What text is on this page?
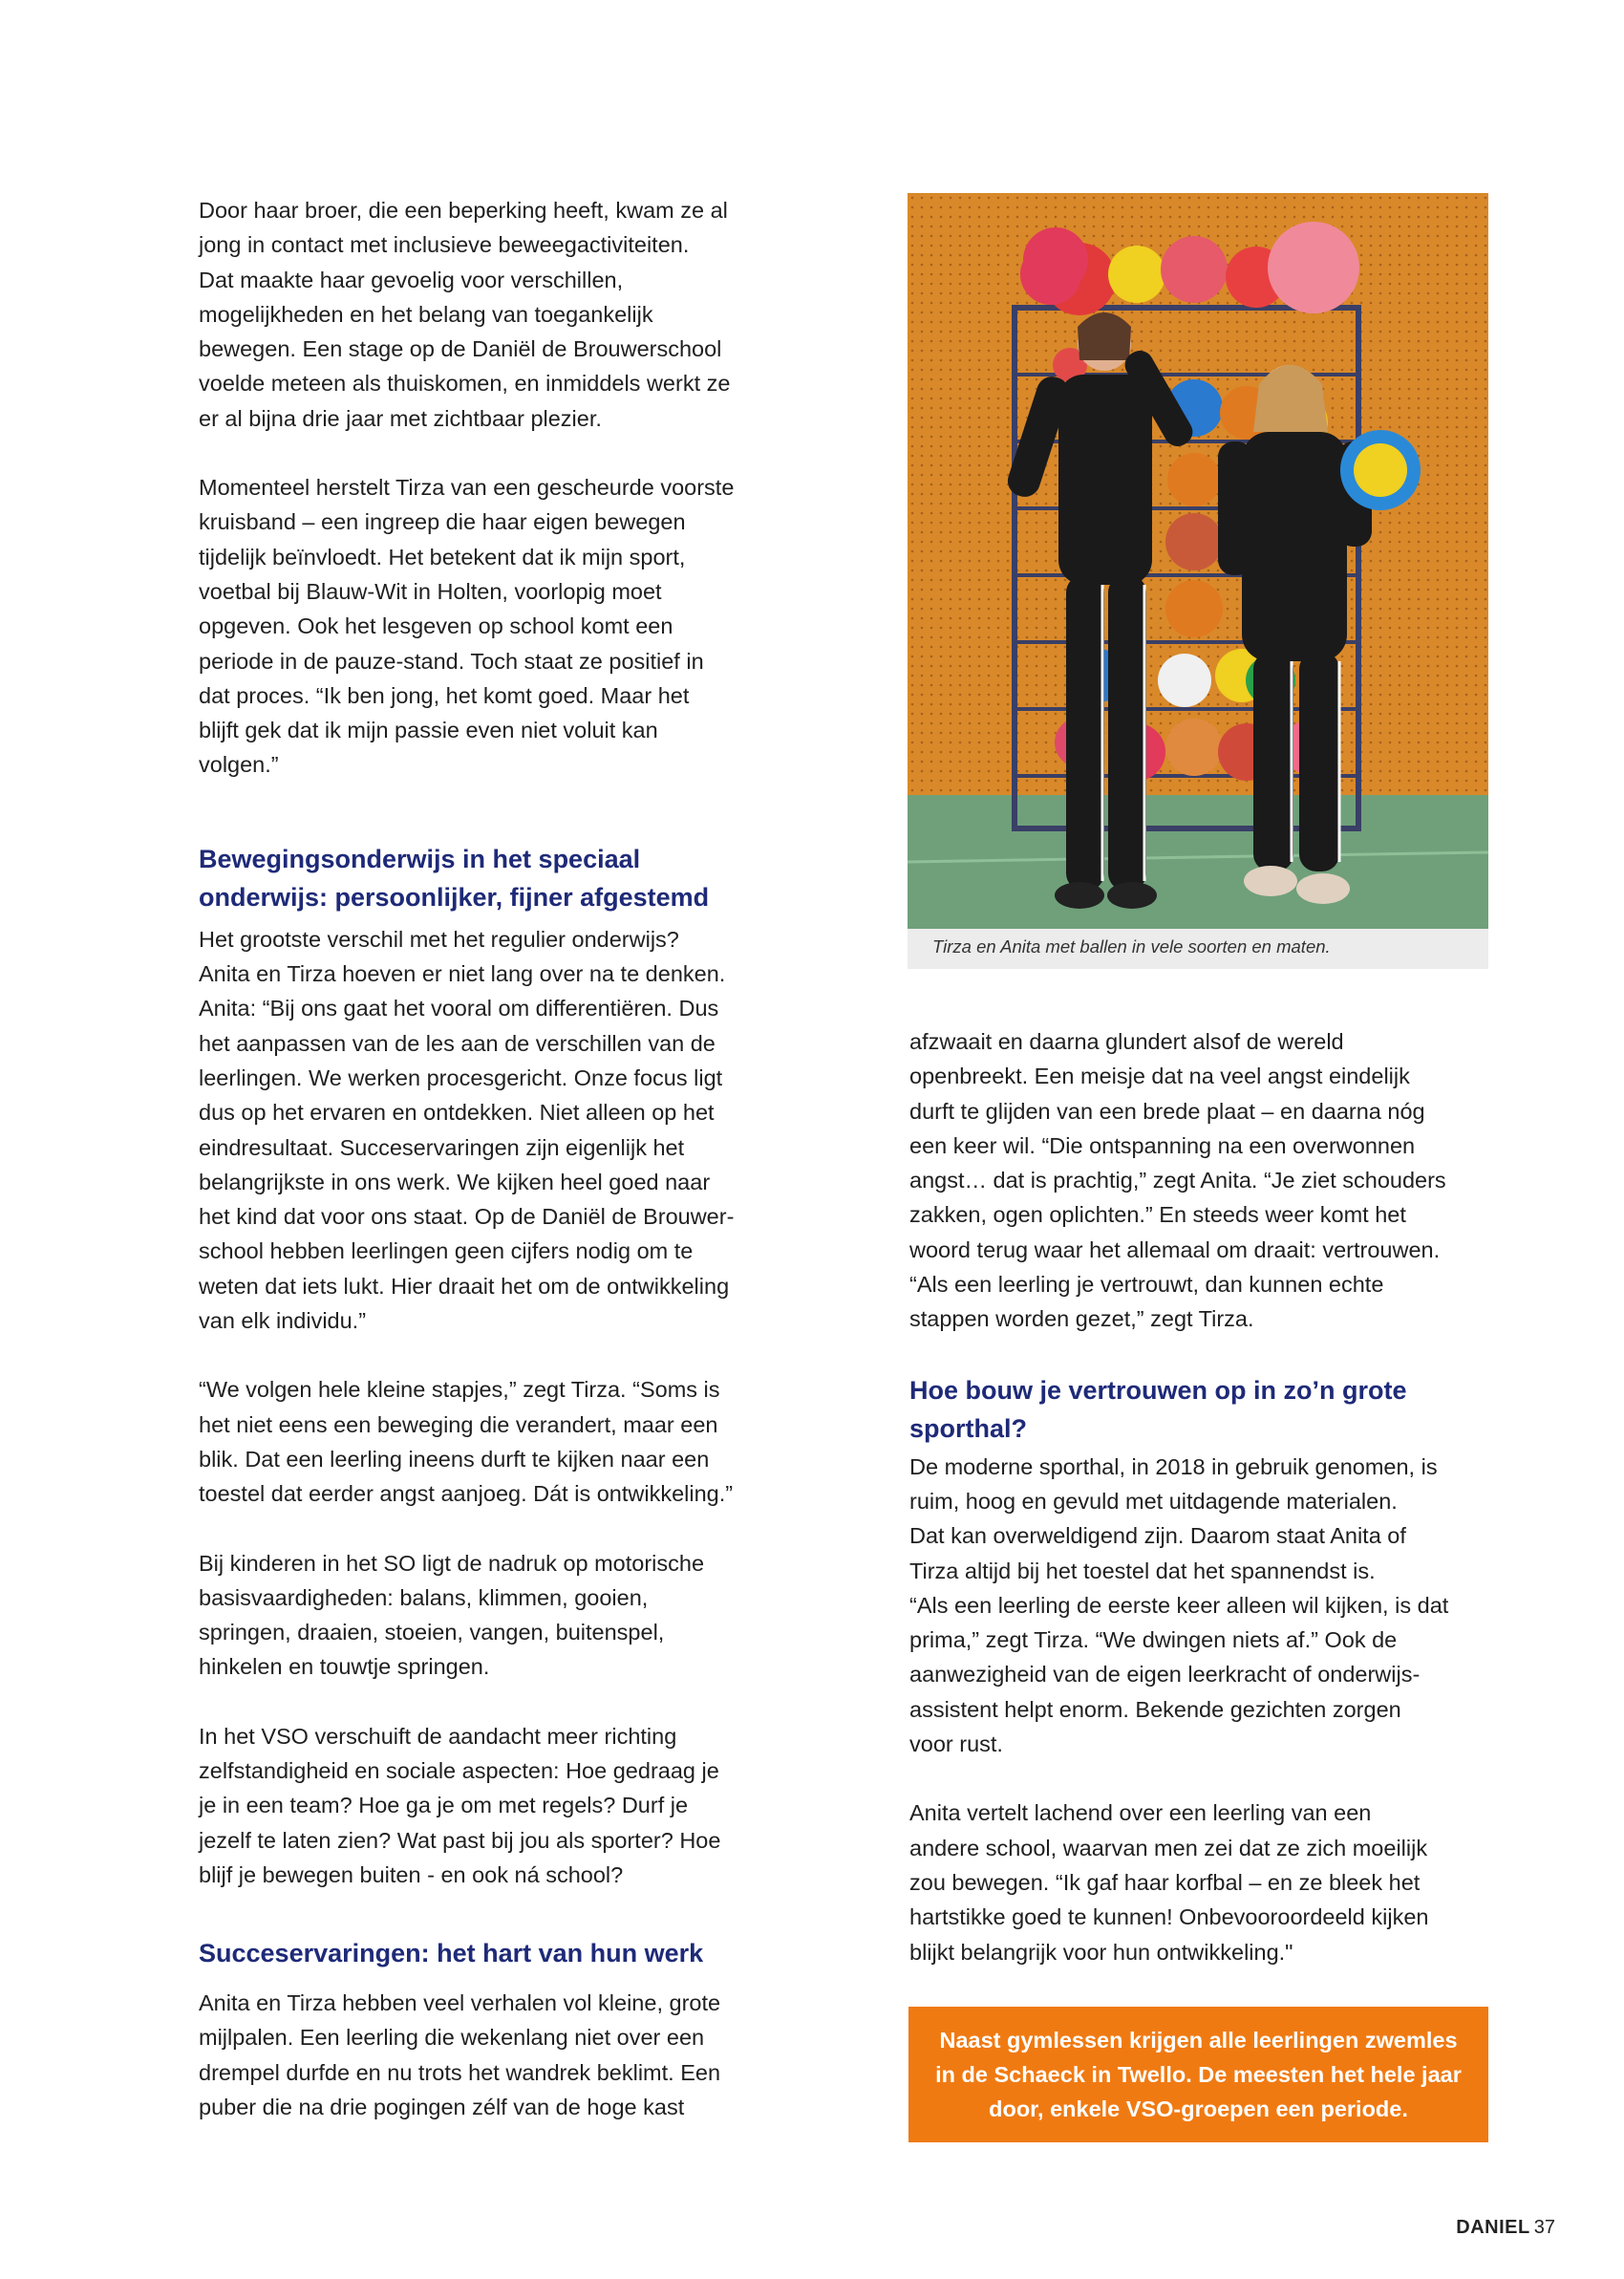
Door haar broer, die een beperking heeft, kwam ze al
jong in contact met inclusieve beweegactiviteiten.
Dat maakte haar gevoelig voor verschillen,
mogelijkheden en het belang van toegankelijk
bewegen. Een stage op de Daniël de Brouwerschool
voelde meteen als thuiskomen, en inmiddels werkt ze
er al bijna drie jaar met zichtbaar plezier.

Momenteel herstelt Tirza van een gescheurde voorste
kruisband – een ingreep die haar eigen bewegen
tijdelijk beïnvloedt. Het betekent dat ik mijn sport,
voetbal bij Blauw-Wit in Holten, voorlopig moet
opgeven. Ook het lesgeven op school komt een
periode in de pauze-stand. Toch staat ze positief in
dat proces. “Ik ben jong, het komt goed. Maar het
blijft gek dat ik mijn passie even niet voluit kan
volgen.”

Bewegingsonderwijs in het speciaal
onderwijs: persoonlijker, fijner afgestemd

Het grootste verschil met het regulier onderwijs?
Anita en Tirza hoeven er niet lang over na te denken.
Anita: “Bij ons gaat het vooral om differentiëren. Dus
het aanpassen van de les aan de verschillen van de
leerlingen. We werken procesgericht. Onze focus ligt
dus op het ervaren en ontdekken. Niet alleen op het
eindresultaat. Succeservaringen zijn eigenlijk het
belangrijkste in ons werk. We kijken heel goed naar
het kind dat voor ons staat. Op de Daniël de Brouwer-
school hebben leerlingen geen cijfers nodig om te
weten dat iets lukt. Hier draait het om de ontwikkeling
van elk individu.”

“We volgen hele kleine stapjes,” zegt Tirza. “Soms is
het niet eens een beweging die verandert, maar een
blik. Dat een leerling ineens durft te kijken naar een
toestel dat eerder angst aanjoeg. Dát is ontwikkeling.”

Bij kinderen in het SO ligt de nadruk op motorische
basisvaardigheden: balans, klimmen, gooien,
springen, draaien, stoeien, vangen, buitenspel,
hinkelen en touwtje springen.

In het VSO verschuift de aandacht meer richting
zelfstandigheid en sociale aspecten: Hoe gedraag je
je in een team? Hoe ga je om met regels? Durf je
jezelf te laten zien? Wat past bij jou als sporter? Hoe
blijf je bewegen buiten - en ook ná school?

Succeservaringen: het hart van hun werk

Anita en Tirza hebben veel verhalen vol kleine, grote
mijlpalen. Een leerling die wekenlang niet over een
drempel durfde en nu trots het wandrek beklimt. Een
puber die na drie pogingen zélf van de hoge kast

Tirza en Anita met ballen in vele soorten en maten.

afzwaait en daarna glundert alsof de wereld
openbreekt. Een meisje dat na veel angst eindelijk
durft te glijden van een brede plaat – en daarna nóg
een keer wil. “Die ontspanning na een overwonnen
angst… dat is prachtig,” zegt Anita. “Je ziet schouders
zakken, ogen oplichten.” En steeds weer komt het
woord terug waar het allemaal om draait: vertrouwen.
“Als een leerling je vertrouwt, dan kunnen echte
stappen worden gezet,” zegt Tirza.

Hoe bouw je vertrouwen op in zo’n grote
sporthal?

De moderne sporthal, in 2018 in gebruik genomen, is
ruim, hoog en gevuld met uitdagende materialen.
Dat kan overweldigend zijn. Daarom staat Anita of
Tirza altijd bij het toestel dat het spannendst is.
“Als een leerling de eerste keer alleen wil kijken, is dat
prima,” zegt Tirza. “We dwingen niets af.” Ook de
aanwezigheid van de eigen leerkracht of onderwijs-
assistent helpt enorm. Bekende gezichten zorgen
voor rust.

Anita vertelt lachend over een leerling van een
andere school, waarvan men zei dat ze zich moeilijk
zou bewegen. “Ik gaf haar korfbal – en ze bleek het
hartstikke goed te kunnen! Onbevooroordeeld kijken
blijkt belangrijk voor hun ontwikkeling."

Naast gymlessen krijgen alle leerlingen zwemles
in de Schaeck in Twello. De meesten het hele jaar
door, enkele VSO-groepen een periode.
DANIEL 37
